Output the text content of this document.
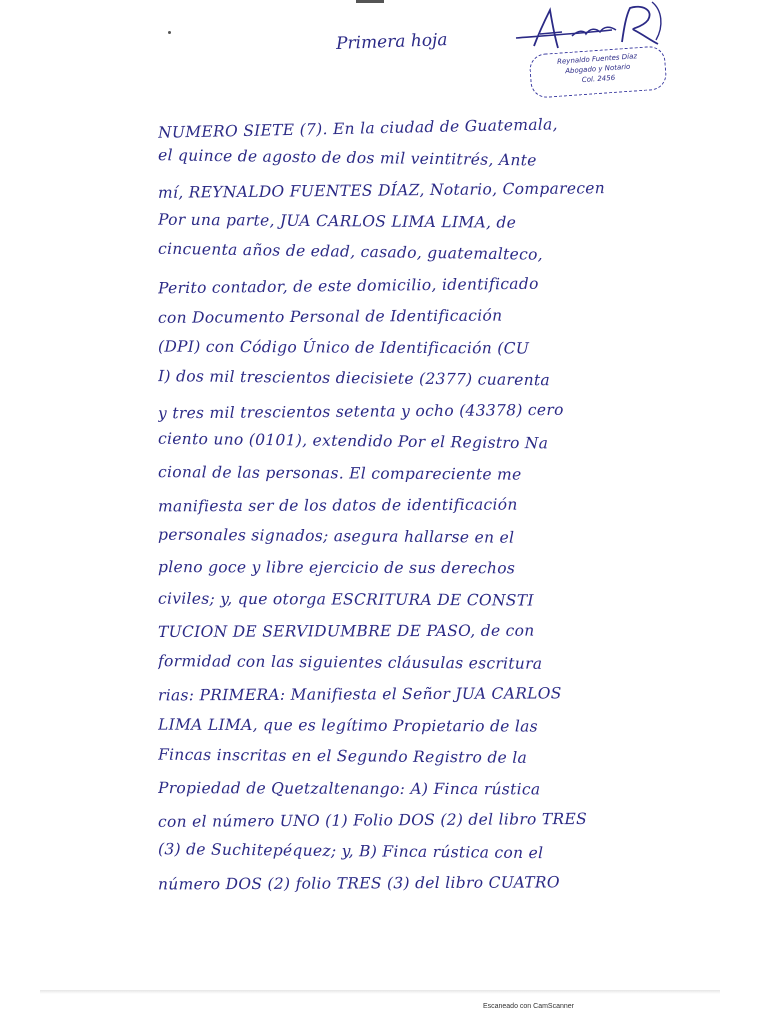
Primera hoja
Reynaldo Fuentes Díaz
Abogado y Notario
Col. 2456
NUMERO SIETE (7). En la ciudad de Guatemala,
el quince de agosto de dos mil veintitrés, Ante
mí, REYNALDO FUENTES DÍAZ, Notario, Comparecen
Por una parte, JUA CARLOS LIMA LIMA, de
cincuenta años de edad, casado, guatemalteco,
Perito contador, de este domicilio, identificado
con Documento Personal de Identificación
(DPI) con Código Único de Identificación (CU
I) dos mil trescientos diecisiete (2377) cuarenta
y tres mil trescientos setenta y ocho (43378) cero
ciento uno (0101), extendido Por el Registro Na
cional de las personas. El compareciente me
manifiesta ser de los datos de identificación
personales signados; asegura hallarse en el
pleno goce y libre ejercicio de sus derechos
civiles; y, que otorga ESCRITURA DE CONSTI
TUCION DE SERVIDUMBRE DE PASO, de con
formidad con las siguientes cláusulas escritura
rias: PRIMERA: Manifiesta el Señor JUA CARLOS
LIMA LIMA, que es legítimo Propietario de las
Fincas inscritas en el Segundo Registro de la
Propiedad de Quetzaltenango: A) Finca rústica
con el número UNO (1) Folio DOS (2) del libro TRES
(3) de Suchitepéquez; y, B) Finca rústica con el
número DOS (2) folio TRES (3) del libro CUATRO
Escaneado con CamScanner
